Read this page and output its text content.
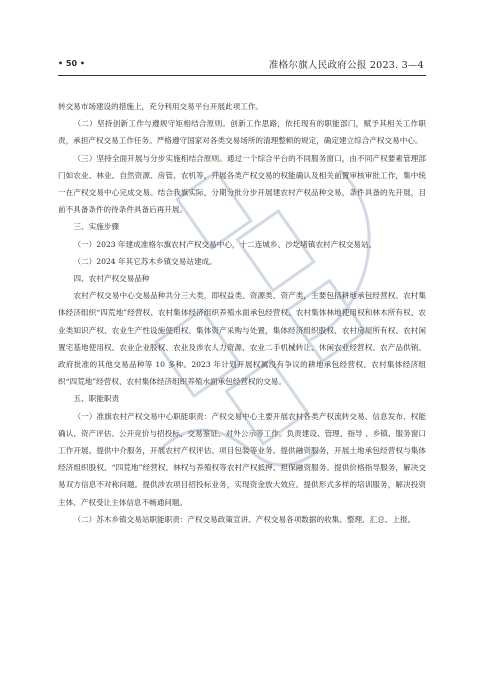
• 50 •	准格尔旗人民政府公报 2023. 3—4

转交易市场建设的措施上，充分利用交易平台开展此项工作。

（二）坚持创新工作与遵规守矩相结合原则。创新工作思路，依托现有的职能部门，赋予其相关工作职责，承担产权交易工作任务。严格遵守国家对各类交易场所的清理整顿的规定，确定建立综合产权交易中心。

（三）坚持全面开展与分步实施相结合原则。通过一个综合平台的不同服务窗口，由不同产权要素管理部门如农业、林业、自然资源、房管、农机等，开展各类产权交易的权能确认及相关前置审核审批工作，集中统一在产权交易中心完成交易。结合我旗实际，分期分批分步开展建农村产权品种交易，条件具备的先开展，目前不具备条件的待条件具备后再开展。

三、实施步骤

（一）2023 年建成准格尔旗农村产权交易中心，十二连城乡、沙圪堵镇农村产权交易站。

（二）2024 年其它苏木乡镇交易站建成。

四、农村产权交易品种

农村产权交易中心交易品种共分三大类，即权益类、资源类、资产类，主要包括耕地承包经营权、农村集体经济组织“四荒地”经营权、农村集体经济组织养殖水面承包经营权、农村集体林地使用权和林木所有权、农业类知识产权、农业生产性设施使用权、集体资产采购与处置，集体经济组织股权、农村房屋所有权、农村闲置宅基地使用权、农业企业股权、农业及涉农人力资源、农业二手机械转让、休闲农业经营权、农产品供销、政府批准的其他交易品种等 10 多种。2023 年计划开展权属没有争议的耕地承包经营权、农村集体经济组织“四荒地”经营权、农村集体经济组织养殖水面承包经营权的交易。

五、职能职责

（一）准旗农村产权交易中心职能职责：产权交易中心主要开展农村各类产权流转交易、信息发布、权能确认、资产评估、公开竞价与招投标、交易鉴证、对外公示等工作。负责建设、管理、指导 、乡镇、服务窗口工作开展。提供中介服务，开展农村产权评估、项目包装等业务。提供融资服务，开展土地承包经营权与集体经济组织股权、“四荒地”经营权、林权与养殖权等农村产权抵押、担保融资服务。提供价格指导服务，解决交易双方信息不对称问题。提供涉农项目招投标业务，实现资金放大效应。提供形式多样的培训服务，解决投资主体、产权受让主体信息不畅通问题。

（二）苏木乡镇交易站职能职责：产权交易政策宣讲、产权交易各项数据的收集、整理、汇总、上报。
